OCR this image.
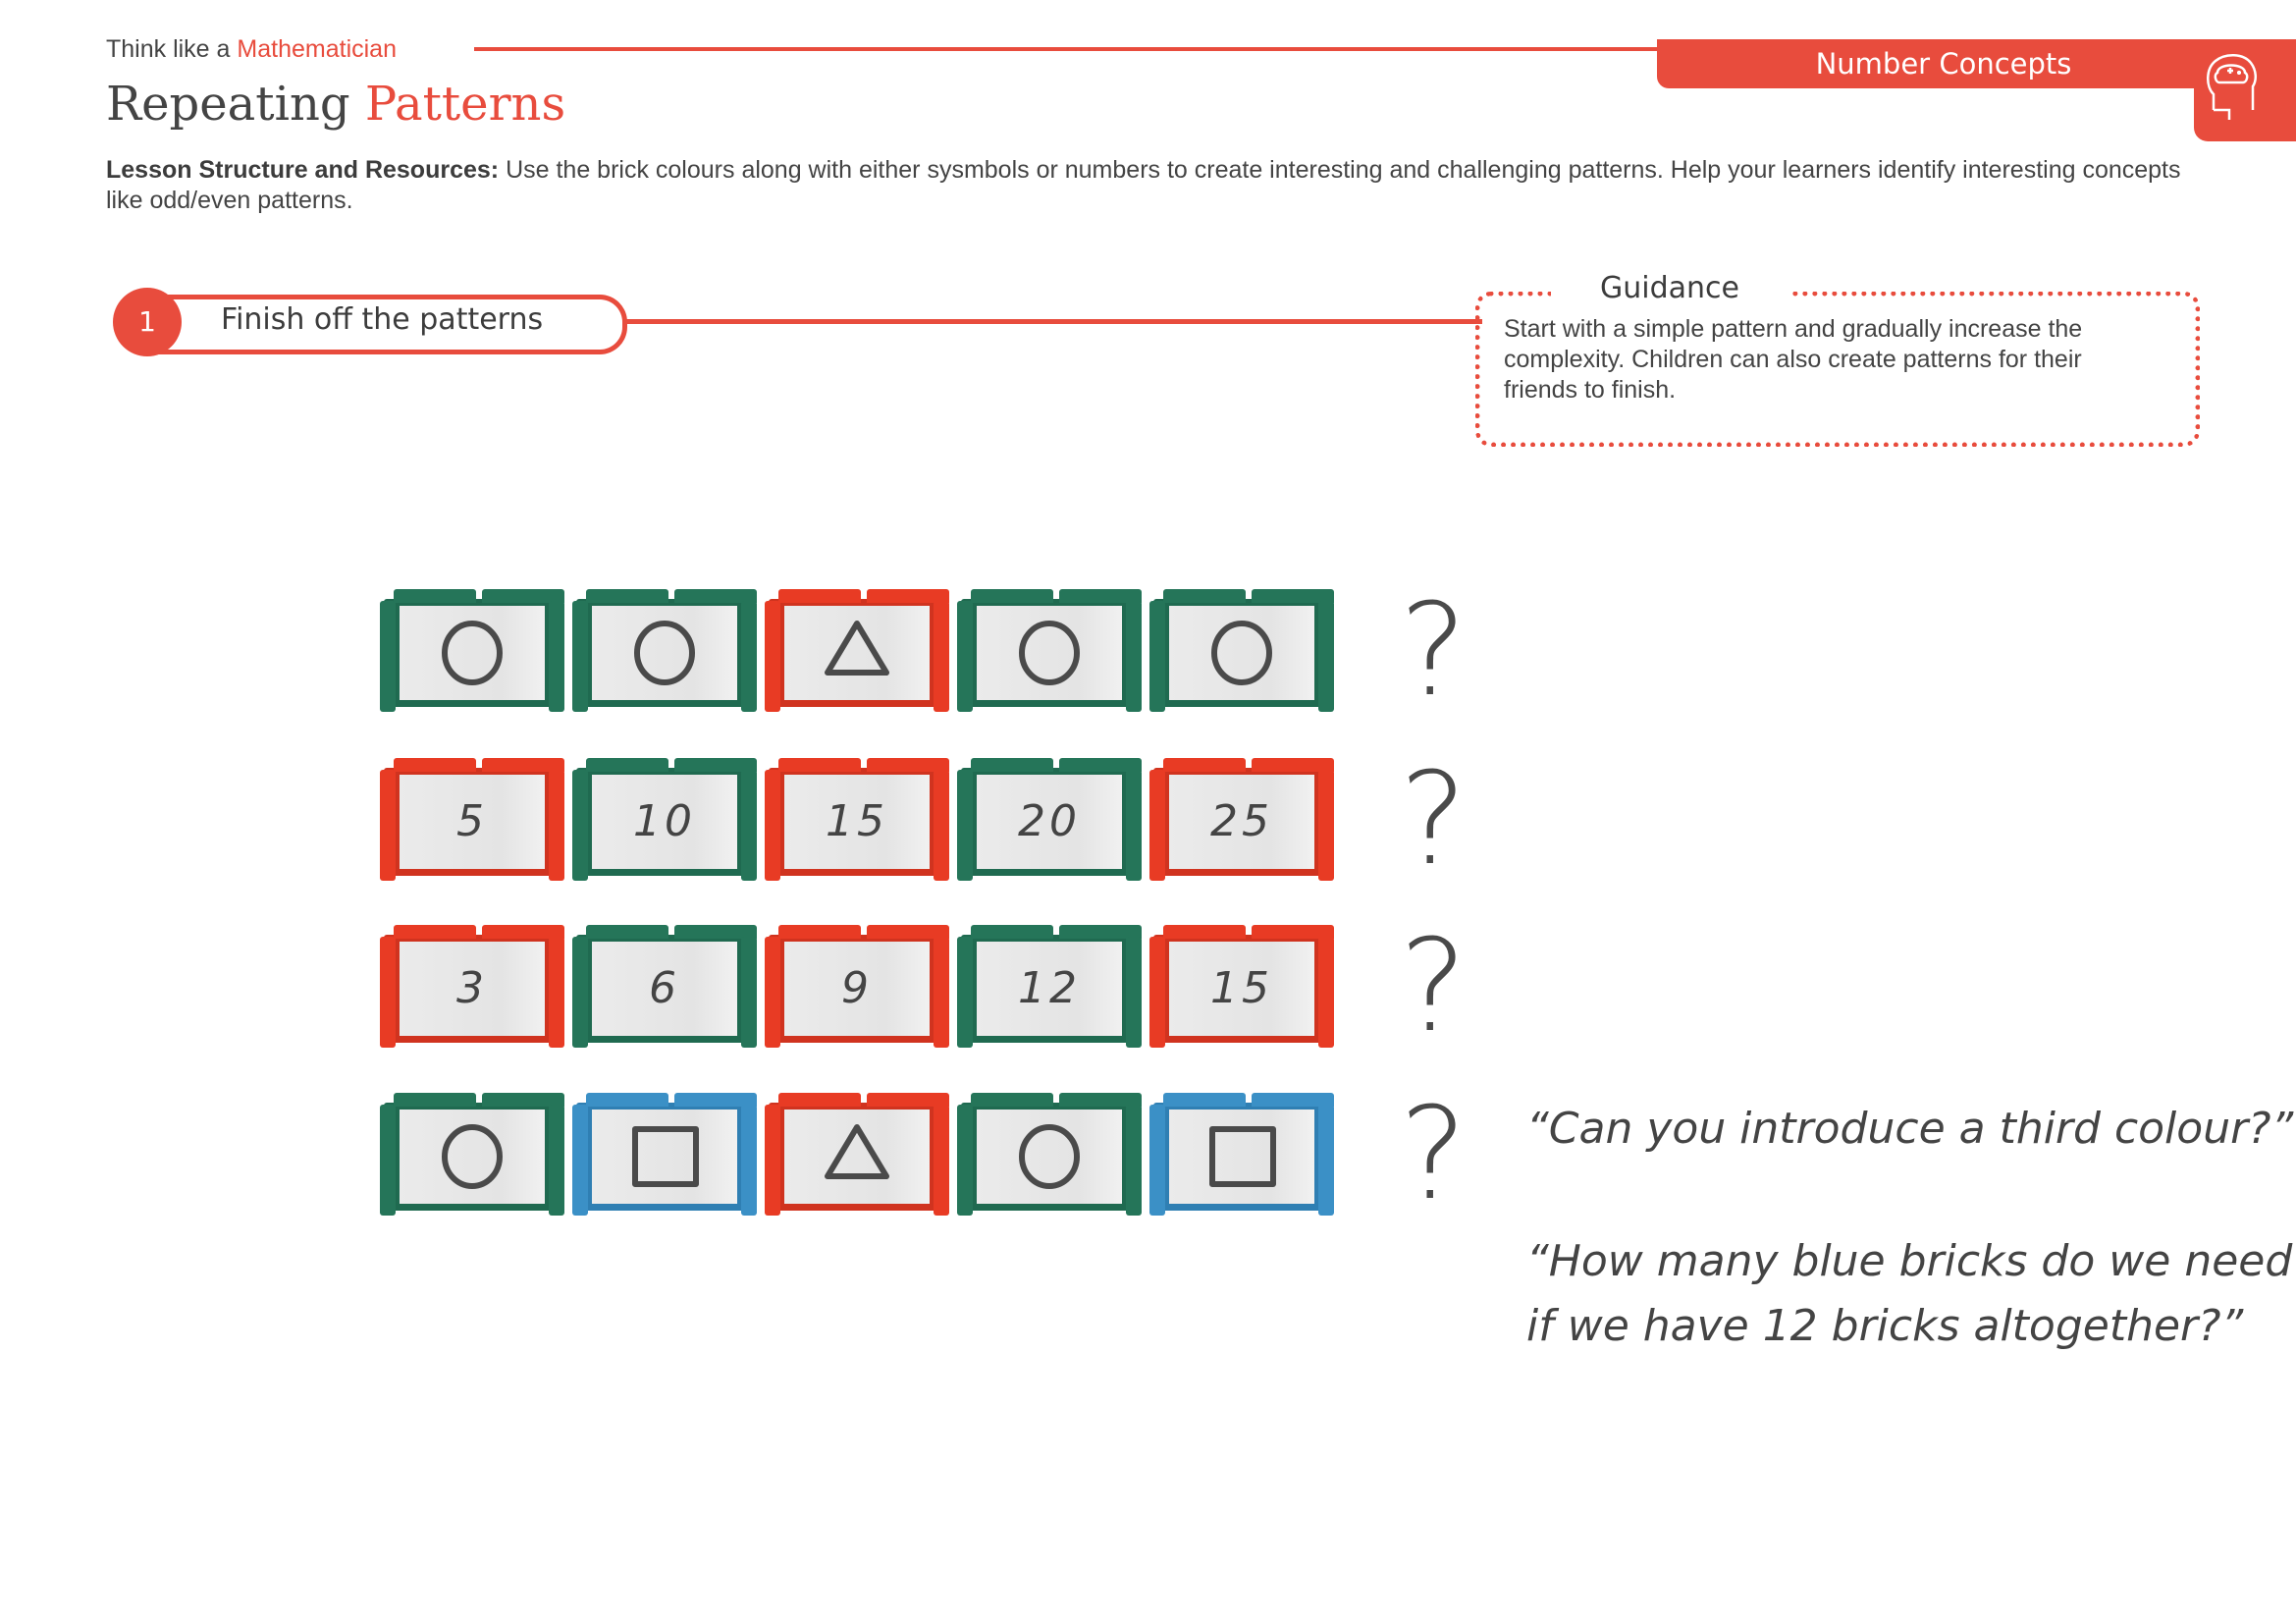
Think like a Mathematician	Number Concepts
Repeating Patterns
Lesson Structure and Resources: Use the brick colours along with either sysmbols or numbers to create interesting and challenging patterns. Help your learners identify interesting concepts like odd/even patterns.
1	Finish off the patterns
Guidance
Start with a simple pattern and gradually increase the complexity. Children can also create patterns for their friends to finish.
?
5	10	15	20	25 ?
3	6	9	12	15 ?
?	“Can you introduce a third colour?”
“How many blue bricks do we need
if we have 12 bricks altogether?”
